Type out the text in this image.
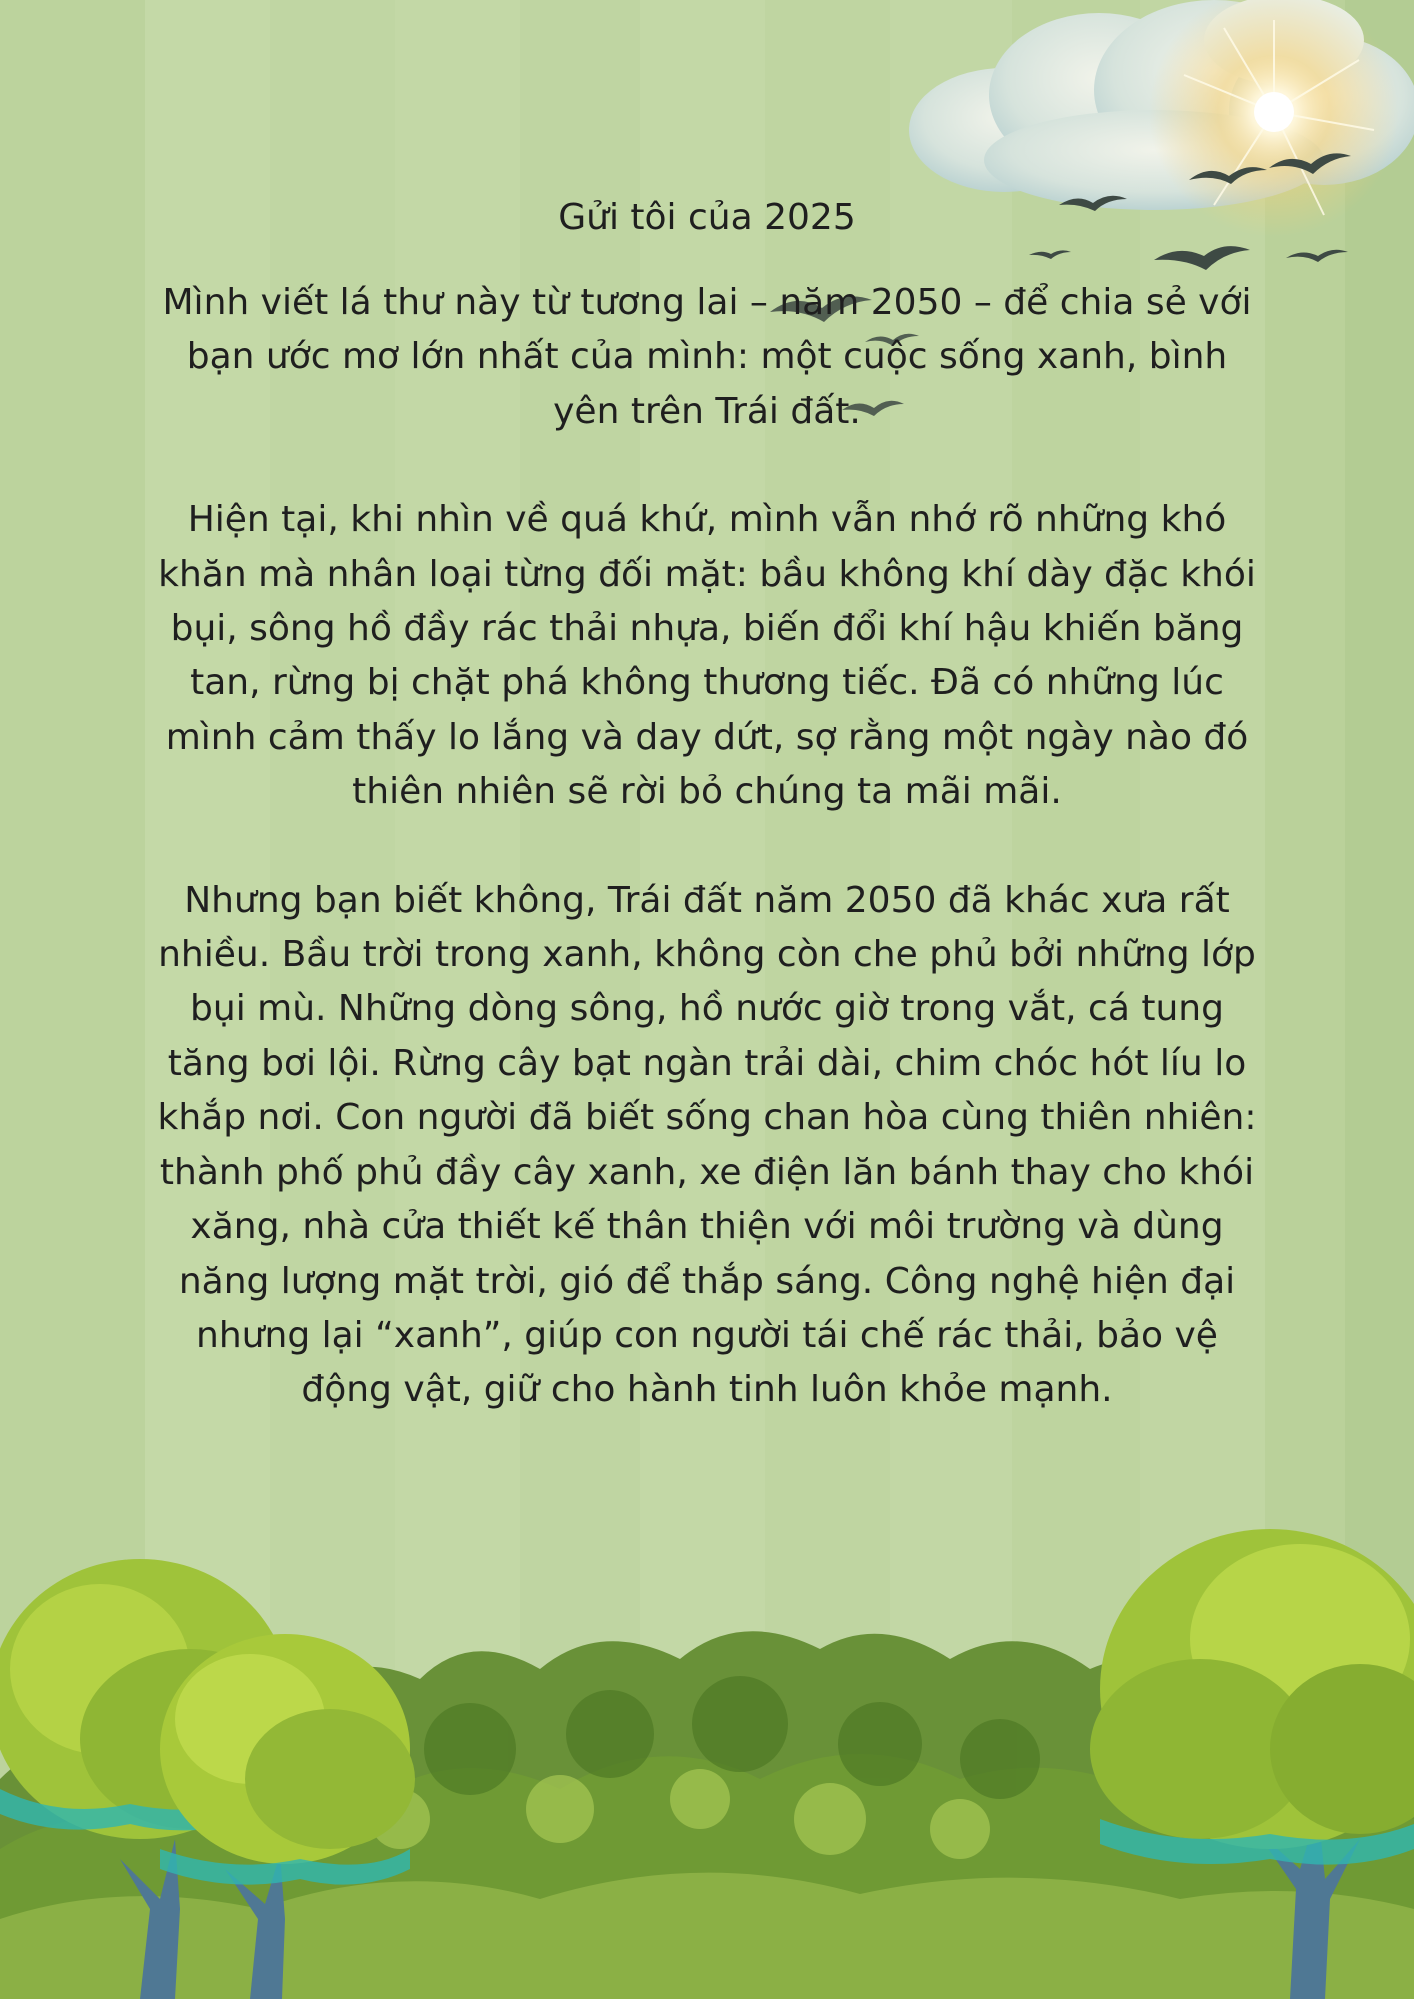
Gửi tôi của 2025

Mình viết lá thư này từ tương lai – năm 2050 – để chia sẻ với bạn ước mơ lớn nhất của mình: một cuộc sống xanh, bình yên trên Trái đất.

Hiện tại, khi nhìn về quá khứ, mình vẫn nhớ rõ những khó khăn mà nhân loại từng đối mặt: bầu không khí dày đặc khói bụi, sông hồ đầy rác thải nhựa, biến đổi khí hậu khiến băng tan, rừng bị chặt phá không thương tiếc. Đã có những lúc mình cảm thấy lo lắng và day dứt, sợ rằng một ngày nào đó thiên nhiên sẽ rời bỏ chúng ta mãi mãi.

Nhưng bạn biết không, Trái đất năm 2050 đã khác xưa rất nhiều. Bầu trời trong xanh, không còn che phủ bởi những lớp bụi mù. Những dòng sông, hồ nước giờ trong vắt, cá tung tăng bơi lội. Rừng cây bạt ngàn trải dài, chim chóc hót líu lo khắp nơi. Con người đã biết sống chan hòa cùng thiên nhiên: thành phố phủ đầy cây xanh, xe điện lăn bánh thay cho khói xăng, nhà cửa thiết kế thân thiện với môi trường và dùng năng lượng mặt trời, gió để thắp sáng. Công nghệ hiện đại nhưng lại “xanh”, giúp con người tái chế rác thải, bảo vệ động vật, giữ cho hành tinh luôn khỏe mạnh.
